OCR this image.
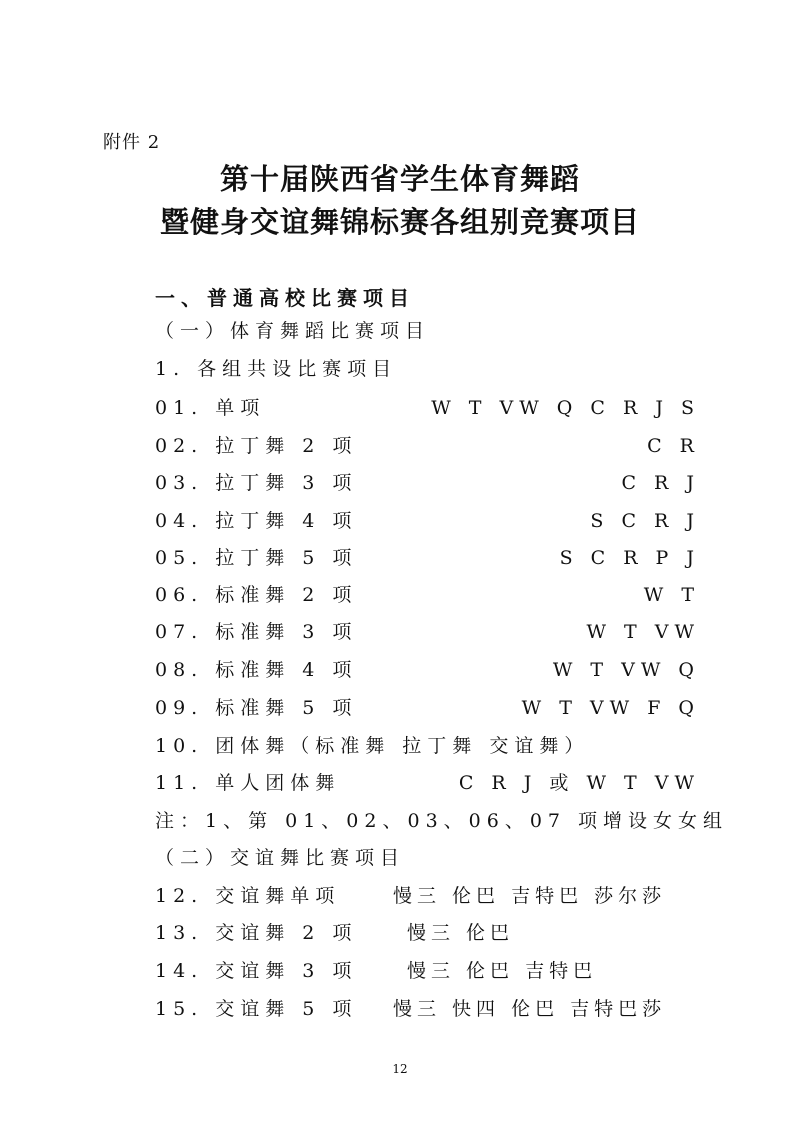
附件 2
第十届陕西省学生体育舞蹈
暨健身交谊舞锦标赛各组别竞赛项目
一、普通高校比赛项目
（一）体育舞蹈比赛项目
1. 各组共设比赛项目
01. 单项	W T VW Q C R J S
02. 拉丁舞 2 项	C R
03. 拉丁舞 3 项	C R J
04. 拉丁舞 4 项	S C R J
05. 拉丁舞 5 项	S C R P J
06. 标准舞 2 项	W T
07. 标准舞 3 项	W T VW
08. 标准舞 4 项	W T VW Q
09. 标准舞 5 项	W T VW F Q
10. 团体舞（标准舞 拉丁舞 交谊舞）
11. 单人团体舞	C R J 或 W T VW
注：1、第 01、02、03、06、07 项增设女女组
（二）交谊舞比赛项目
12. 交谊舞单项	慢三 伦巴 吉特巴 莎尔莎
13. 交谊舞 2 项	慢三 伦巴
14. 交谊舞 3 项	慢三 伦巴 吉特巴
15. 交谊舞 5 项 慢三 快四 伦巴 吉特巴莎
12
